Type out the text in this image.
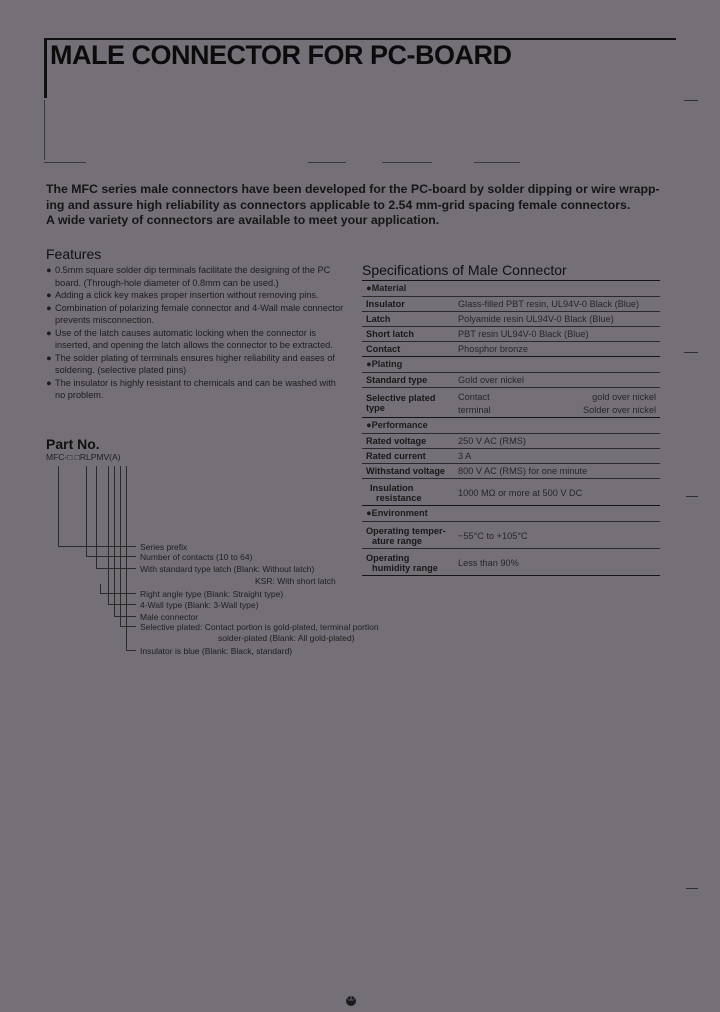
MALE CONNECTOR FOR PC-BOARD
The MFC series male connectors have been developed for the PC-board by solder dipping or wire wrapp-
ing and assure high reliability as connectors applicable to 2.54 mm-grid spacing female connectors.
A wide variety of connectors are available to meet your application.
Features

● 0.5mm square solder dip terminals facilitate the designing of the PC board. (Through-hole diameter of 0.8mm can be used.)

● Adding a click key makes proper insertion without removing pins.

● Combination of polarizing female connector and 4-Wall male connector prevents misconnection.

● Use of the latch causes automatic locking when the connector is inserted, and opening the latch allows the connector to be extracted.

● The solder plating of terminals ensures higher reliability and eases of soldering. (selective plated pins)

● The insulator is highly resistant to chemicals and can be washed with no problem.

Part No.
MFC-□ □RLPMV(A)
Series prefix
Number of contacts (10 to 64)
With standard type latch (Blank: Without latch)
KSR: With short latch
Right angle type (Blank: Straight type)
4-Wall type (Blank: 3-Wall type)
Male connector
Selective plated: Contact portion is gold-plated, terminal portion
solder-plated (Blank: All gold-plated)
Insulator is blue (Blank: Black, standard)
Specifications of Male Connector
●Material
Insulator	Glass-filled PBT resin, UL94V-0 Black (Blue)
Latch	Polyamide resin UL94V-0 Black (Blue)
Short latch	PBT resin UL94V-0 Black (Blue)
Contact	Phosphor bronze
●Plating
Standard type	Gold over nickel
Selective plated
type
Contact	gold over nickel
terminal	Solder over nickel
●Performance
Rated voltage	250 V AC (RMS)
Rated current	3 A
Withstand voltage	800 V AC (RMS) for one minute
Insulation
resistance	1000 MΩ or more at 500 V DC
●Environment
Operating temper-
ature range	−55°C to +105°C
Operating
humidity range	Less than 90%
①
